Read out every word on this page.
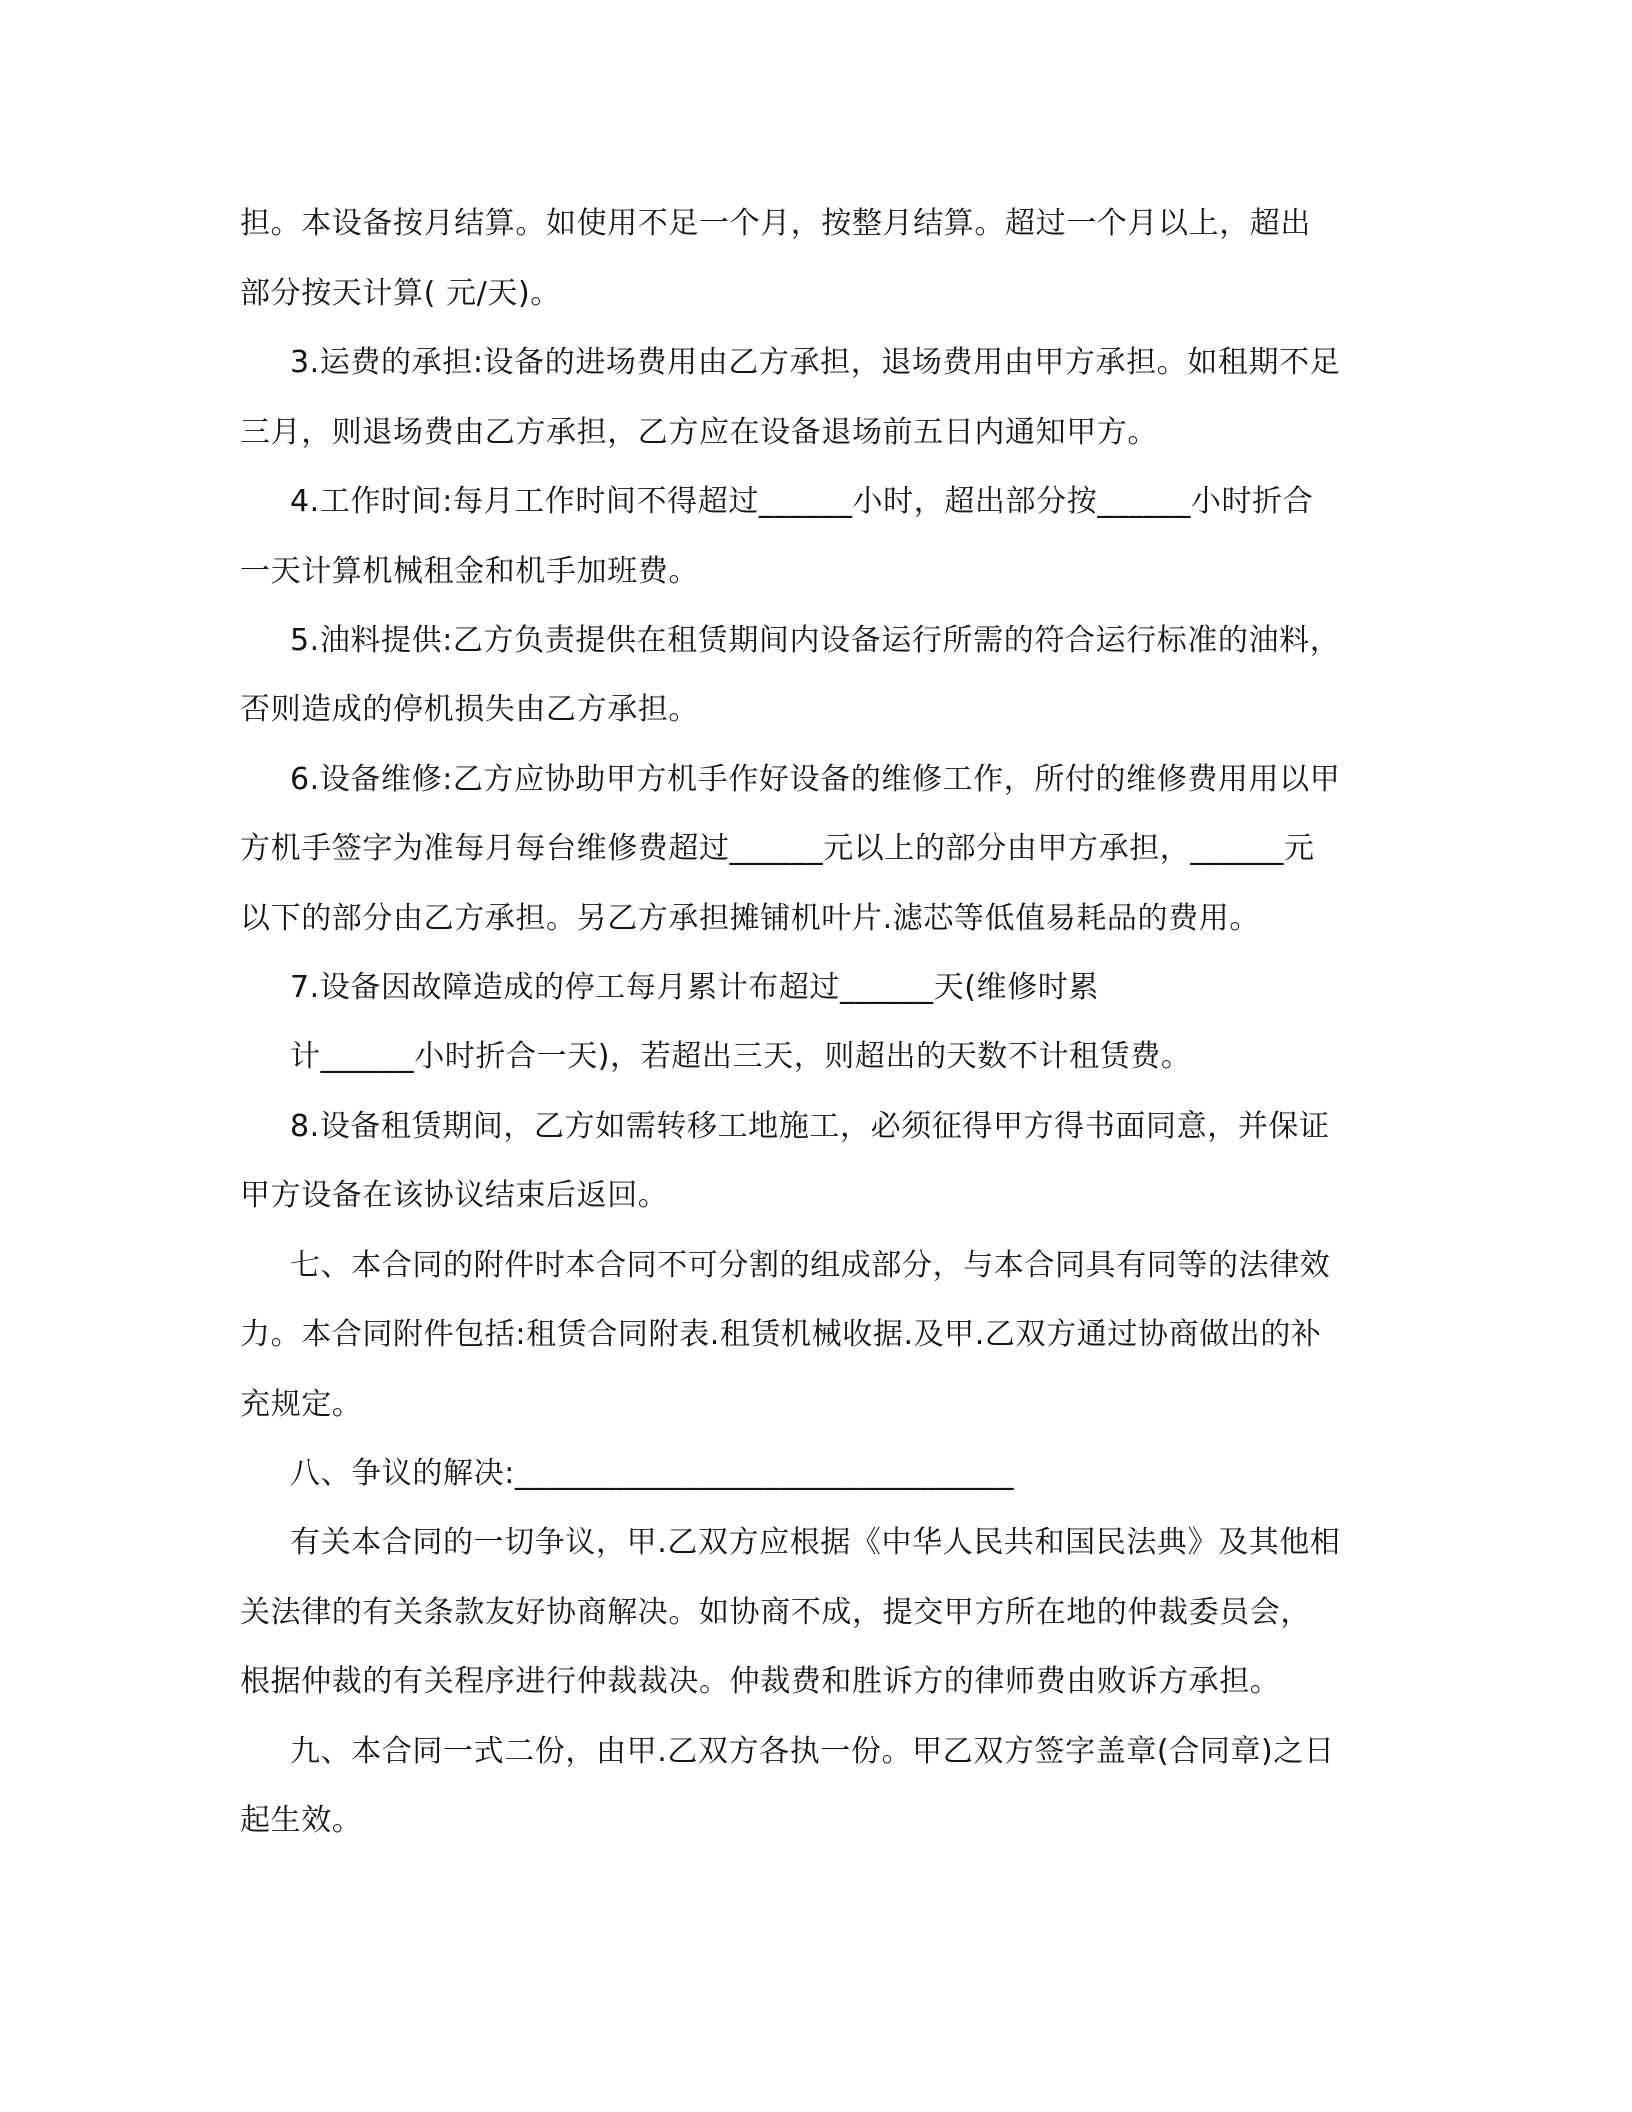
担。本设备按月结算。如使用不足一个月，按整月结算。超过一个月以上，超出
部分按天计算( 元/天)。
3.运费的承担:设备的进场费用由乙方承担，退场费用由甲方承担。如租期不足
三月，则退场费由乙方承担，乙方应在设备退场前五日内通知甲方。
4.工作时间:每月工作时间不得超过______小时，超出部分按______小时折合
一天计算机械租金和机手加班费。
5.油料提供:乙方负责提供在租赁期间内设备运行所需的符合运行标准的油料，
否则造成的停机损失由乙方承担。
6.设备维修:乙方应协助甲方机手作好设备的维修工作，所付的维修费用用以甲
方机手签字为准每月每台维修费超过______元以上的部分由甲方承担，______元
以下的部分由乙方承担。另乙方承担摊铺机叶片.滤芯等低值易耗品的费用。
7.设备因故障造成的停工每月累计布超过______天(维修时累
计______小时折合一天)，若超出三天，则超出的天数不计租赁费。
8.设备租赁期间，乙方如需转移工地施工，必须征得甲方得书面同意，并保证
甲方设备在该协议结束后返回。
七、本合同的附件时本合同不可分割的组成部分，与本合同具有同等的法律效
力。本合同附件包括:租赁合同附表.租赁机械收据.及甲.乙双方通过协商做出的补
充规定。
八、争议的解决:________________________________
有关本合同的一切争议，甲.乙双方应根据《中华人民共和国民法典》及其他相
关法律的有关条款友好协商解决。如协商不成，提交甲方所在地的仲裁委员会，
根据仲裁的有关程序进行仲裁裁决。仲裁费和胜诉方的律师费由败诉方承担。
九、本合同一式二份，由甲.乙双方各执一份。甲乙双方签字盖章(合同章)之日
起生效。
